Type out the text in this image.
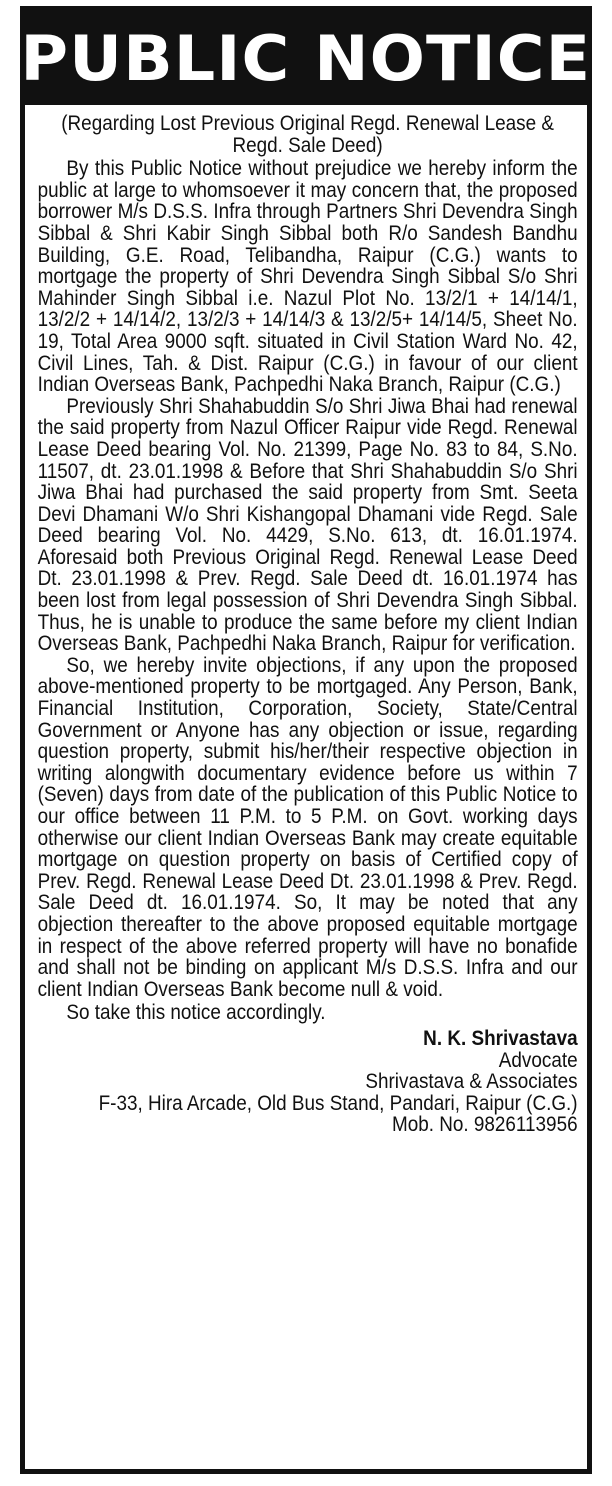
PUBLIC NOTICE

(Regarding Lost Previous Original Regd. Renewal Lease & Regd. Sale Deed)

By this Public Notice without prejudice we hereby inform the public at large to whomsoever it may concern that, the proposed borrower M/s D.S.S. Infra through Partners Shri Devendra Singh Sibbal & Shri Kabir Singh Sibbal both R/o Sandesh Bandhu Building, G.E. Road, Telibandha, Raipur (C.G.) wants to mortgage the property of Shri Devendra Singh Sibbal S/o Shri Mahinder Singh Sibbal i.e. Nazul Plot No. 13/2/1 + 14/14/1, 13/2/2 + 14/14/2, 13/2/3 + 14/14/3 & 13/2/5+ 14/14/5, Sheet No. 19, Total Area 9000 sqft. situated in Civil Station Ward No. 42, Civil Lines, Tah. & Dist. Raipur (C.G.) in favour of our client Indian Overseas Bank, Pachpedhi Naka Branch, Raipur (C.G.)

Previously Shri Shahabuddin S/o Shri Jiwa Bhai had renewal the said property from Nazul Officer Raipur vide Regd. Renewal Lease Deed bearing Vol. No. 21399, Page No. 83 to 84, S.No. 11507, dt. 23.01.1998 & Before that Shri Shahabuddin S/o Shri Jiwa Bhai had purchased the said property from Smt. Seeta Devi Dhamani W/o Shri Kishangopal Dhamani vide Regd. Sale Deed bearing Vol. No. 4429, S.No. 613, dt. 16.01.1974. Aforesaid both Previous Original Regd. Renewal Lease Deed Dt. 23.01.1998 & Prev. Regd. Sale Deed dt. 16.01.1974 has been lost from legal possession of Shri Devendra Singh Sibbal. Thus, he is unable to produce the same before my client Indian Overseas Bank, Pachpedhi Naka Branch, Raipur for verification.

So, we hereby invite objections, if any upon the proposed above-mentioned property to be mortgaged. Any Person, Bank, Financial Institution, Corporation, Society, State/Central Government or Anyone has any objection or issue, regarding question property, submit his/her/their respective objection in writing alongwith documentary evidence before us within 7 (Seven) days from date of the publication of this Public Notice to our office between 11 P.M. to 5 P.M. on Govt. working days otherwise our client Indian Overseas Bank may create equitable mortgage on question property on basis of Certified copy of Prev. Regd. Renewal Lease Deed Dt. 23.01.1998 & Prev. Regd. Sale Deed dt. 16.01.1974. So, It may be noted that any objection thereafter to the above proposed equitable mortgage in respect of the above referred property will have no bonafide and shall not be binding on applicant M/s D.S.S. Infra and our client Indian Overseas Bank become null & void.

So take this notice accordingly.

N. K. Shrivastava

Advocate

Shrivastava & Associates

F-33, Hira Arcade, Old Bus Stand, Pandari, Raipur (C.G.)

Mob. No. 9826113956
